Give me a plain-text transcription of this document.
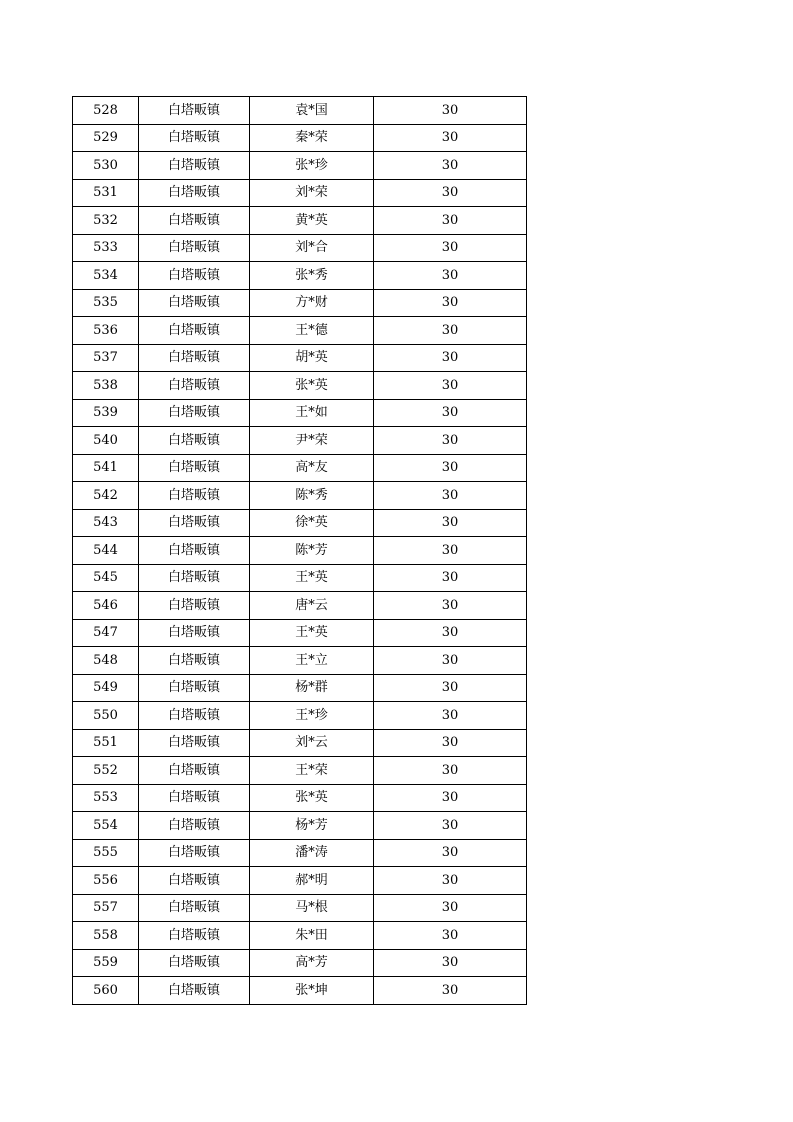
528	白塔畈镇	袁*国	30
529	白塔畈镇	秦*荣	30
530	白塔畈镇	张*珍	30
531	白塔畈镇	刘*荣	30
532	白塔畈镇	黄*英	30
533	白塔畈镇	刘*合	30
534	白塔畈镇	张*秀	30
535	白塔畈镇	方*财	30
536	白塔畈镇	王*德	30
537	白塔畈镇	胡*英	30
538	白塔畈镇	张*英	30
539	白塔畈镇	王*如	30
540	白塔畈镇	尹*荣	30
541	白塔畈镇	高*友	30
542	白塔畈镇	陈*秀	30
543	白塔畈镇	徐*英	30
544	白塔畈镇	陈*芳	30
545	白塔畈镇	王*英	30
546	白塔畈镇	唐*云	30
547	白塔畈镇	王*英	30
548	白塔畈镇	王*立	30
549	白塔畈镇	杨*群	30
550	白塔畈镇	王*珍	30
551	白塔畈镇	刘*云	30
552	白塔畈镇	王*荣	30
553	白塔畈镇	张*英	30
554	白塔畈镇	杨*芳	30
555	白塔畈镇	潘*涛	30
556	白塔畈镇	郝*明	30
557	白塔畈镇	马*根	30
558	白塔畈镇	朱*田	30
559	白塔畈镇	高*芳	30
560	白塔畈镇	张*坤	30
